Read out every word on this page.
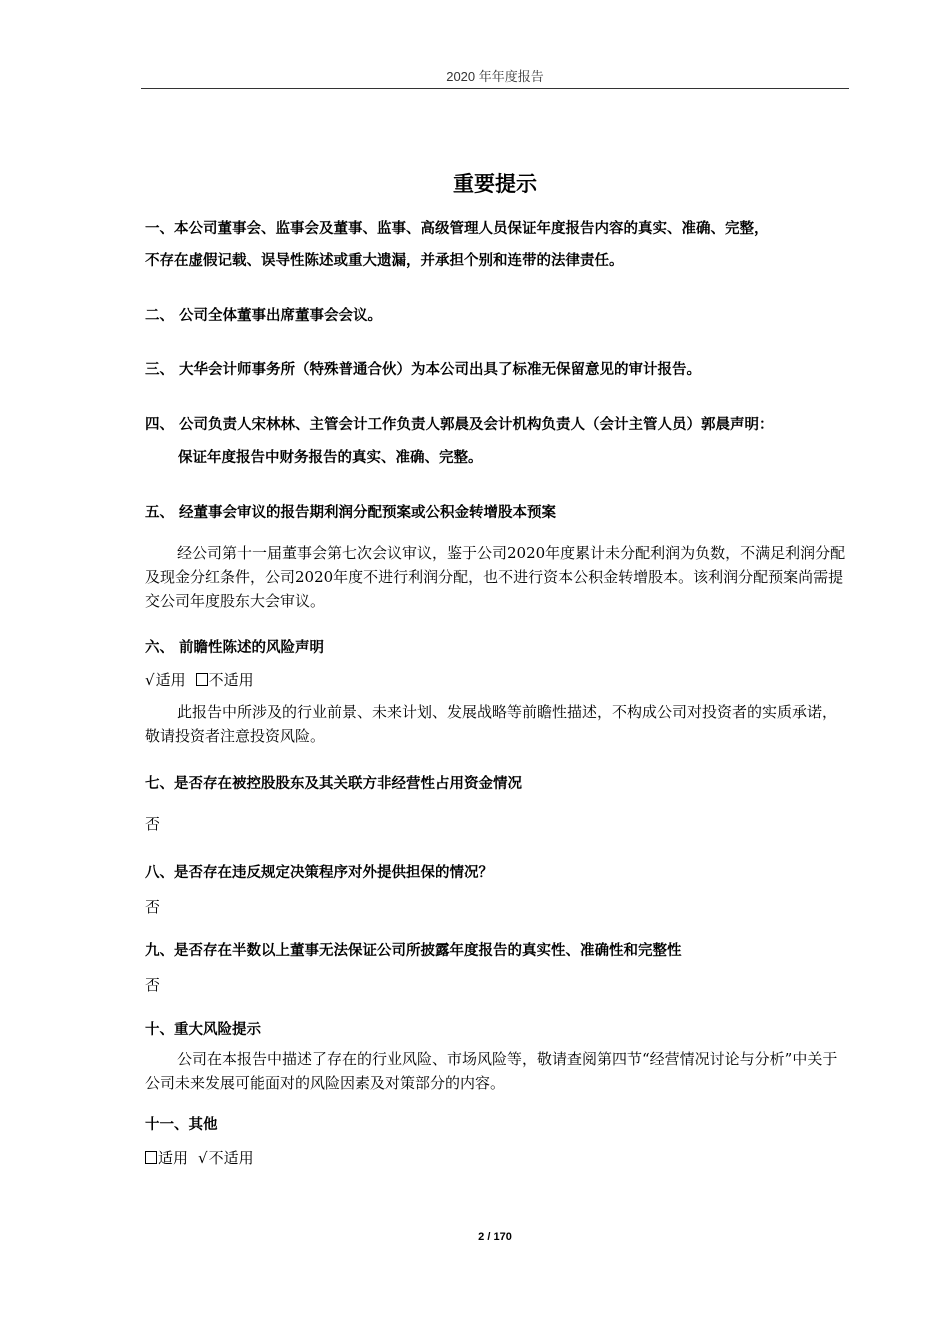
2020 年年度报告
重要提示
一、本公司董事会、监事会及董事、监事、高级管理人员保证年度报告内容的真实、准确、完整，
不存在虚假记载、误导性陈述或重大遗漏，并承担个别和连带的法律责任。
二、 公司全体董事出席董事会会议。
三、 大华会计师事务所（特殊普通合伙）为本公司出具了标准无保留意见的审计报告。
四、 公司负责人宋林林、主管会计工作负责人郭晨及会计机构负责人（会计主管人员）郭晨声明：
保证年度报告中财务报告的真实、准确、完整。
五、 经董事会审议的报告期利润分配预案或公积金转增股本预案
经公司第十一届董事会第七次会议审议，鉴于公司2020年度累计未分配利润为负数，不满足利润分配及现金分红条件，公司2020年度不进行利润分配，也不进行资本公积金转增股本。该利润分配预案尚需提交公司年度股东大会审议。
六、 前瞻性陈述的风险声明
√适用 不适用
此报告中所涉及的行业前景、未来计划、发展战略等前瞻性描述，不构成公司对投资者的实质承诺，敬请投资者注意投资风险。
七、是否存在被控股股东及其关联方非经营性占用资金情况
否
八、是否存在违反规定决策程序对外提供担保的情况？
否
九、是否存在半数以上董事无法保证公司所披露年度报告的真实性、准确性和完整性
否
十、重大风险提示
公司在本报告中描述了存在的行业风险、市场风险等，敬请查阅第四节“经营情况讨论与分析”中关于公司未来发展可能面对的风险因素及对策部分的内容。
十一、其他
适用 √不适用
2 / 170
